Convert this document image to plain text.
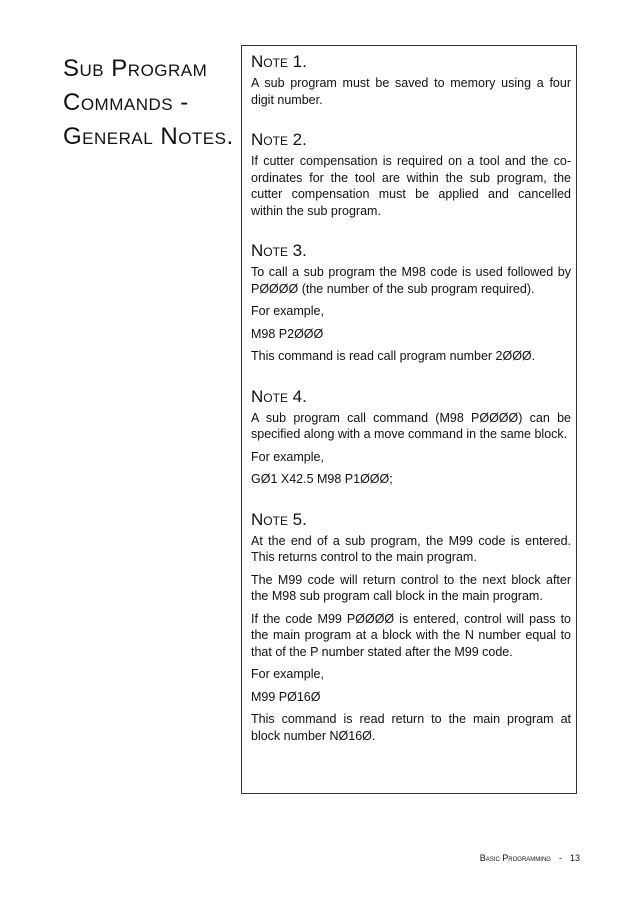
Sub Program
Commands -
General Notes.
Note 1.

A sub program must be saved to memory using a four digit number.

Note 2.

If cutter compensation is required on a tool and the co-ordinates for the tool are within the sub program, the cutter compensation must be applied and cancelled within the sub program.

Note 3.

To call a sub program the M98 code is used followed by PØØØØ (the number of the sub program required).

For example,

M98 P2ØØØ

This command is read call program number 2ØØØ.

Note 4.

A sub program call command (M98 PØØØØ) can be specified along with a move command in the same block.

For example,

GØ1 X42.5 M98 P1ØØØ;

Note 5.

At the end of a sub program, the M99 code is entered. This returns control to the main program.

The M99 code will return control to the next block after the M98 sub program call block in the main program.

If the code M99 PØØØØ is entered, control will pass to the main program at a block with the N number equal to that of the P number stated after the M99 code.

For example,

M99 PØ16Ø

This command is read return to the main program at block number NØ16Ø.

Basic Programming - 13
